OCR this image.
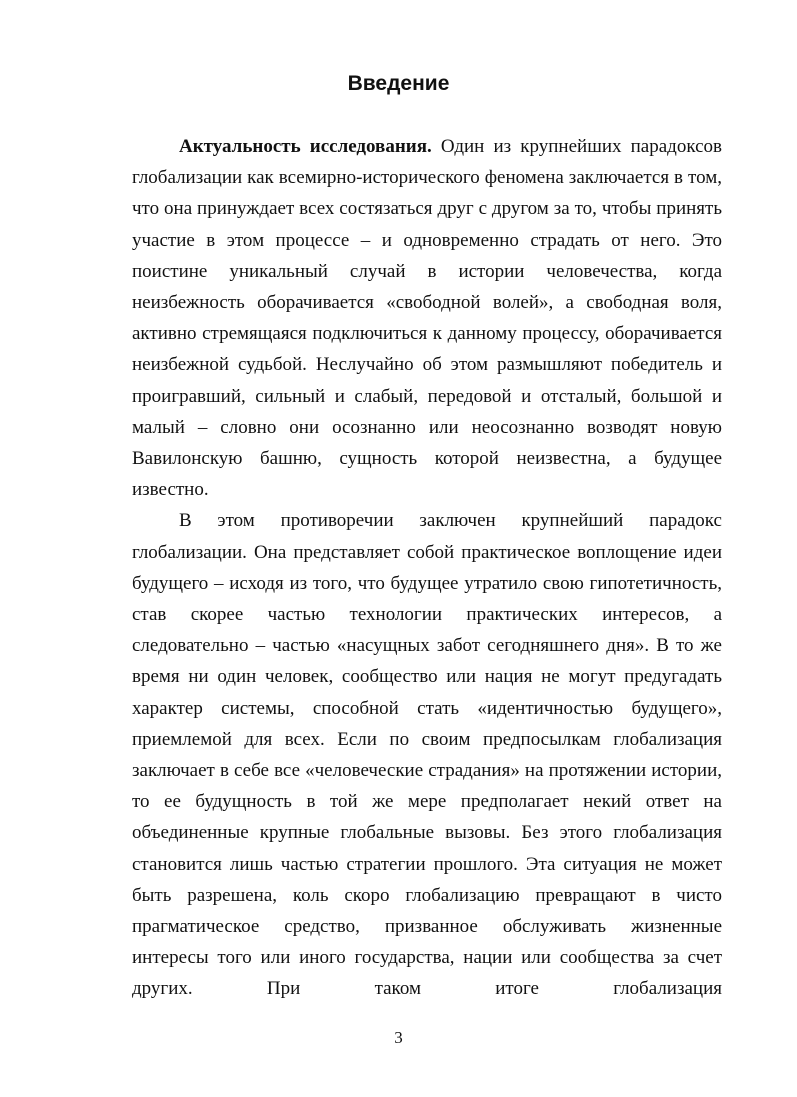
Введение

Актуальность исследования. Один из крупнейших парадоксов глобализации как всемирно-исторического феномена заключается в том, что она принуждает всех состязаться друг с другом за то, чтобы принять участие в этом процессе – и одновременно страдать от него. Это поистине уникальный случай в истории человечества, когда неизбежность оборачивается «свободной волей», а свободная воля, активно стремящаяся подключиться к данному процессу, оборачивается неизбежной судьбой. Неслучайно об этом размышляют победитель и проигравший, сильный и слабый, передовой и отсталый, большой и малый – словно они осознанно или неосознанно возводят новую Вавилонскую башню, сущность которой неизвестна, а будущее известно.

В этом противоречии заключен крупнейший парадокс глобализации. Она представляет собой практическое воплощение идеи будущего – исходя из того, что будущее утратило свою гипотетичность, став скорее частью технологии практических интересов, а следовательно – частью «насущных забот сегодняшнего дня». В то же время ни один человек, сообщество или нация не могут предугадать характер системы, способной стать «идентичностью будущего», приемлемой для всех. Если по своим предпосылкам глобализация заключает в себе все «человеческие страдания» на протяжении истории, то ее будущность в той же мере предполагает некий ответ на объединенные крупные глобальные вызовы. Без этого глобализация становится лишь частью стратегии прошлого. Эта ситуация не может быть разрешена, коль скоро глобализацию превращают в чисто прагматическое средство, призванное обслуживать жизненные интересы того или иного государства, нации или сообщества за счет других. При таком итоге глобализация

3
